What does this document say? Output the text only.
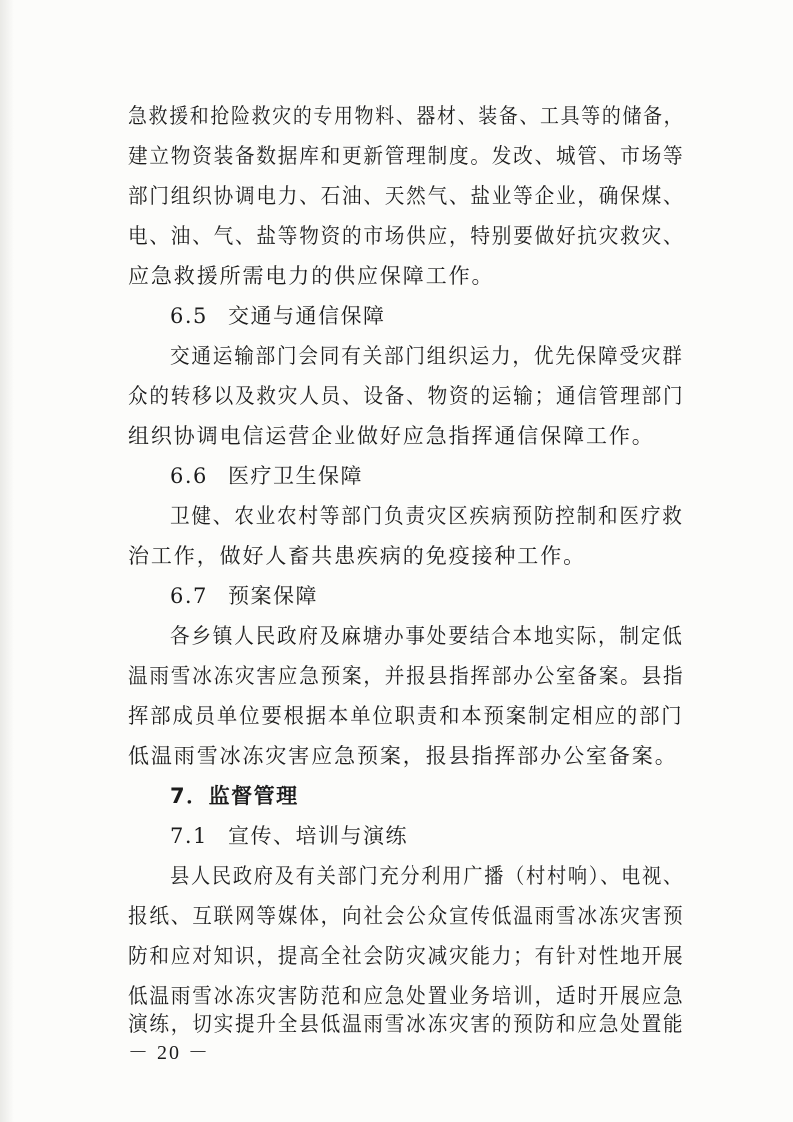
急救援和抢险救灾的专用物料、器材、装备、工具等的储备，
建立物资装备数据库和更新管理制度。发改、城管、市场等
部门组织协调电力、石油、天然气、盐业等企业，确保煤、
电、油、气、盐等物资的市场供应，特别要做好抗灾救灾、
应急救援所需电力的供应保障工作。
6.5 交通与通信保障
交通运输部门会同有关部门组织运力，优先保障受灾群
众的转移以及救灾人员、设备、物资的运输；通信管理部门
组织协调电信运营企业做好应急指挥通信保障工作。
6.6 医疗卫生保障
卫健、农业农村等部门负责灾区疾病预防控制和医疗救
治工作，做好人畜共患疾病的免疫接种工作。
6.7 预案保障
各乡镇人民政府及麻塘办事处要结合本地实际，制定低
温雨雪冰冻灾害应急预案，并报县指挥部办公室备案。县指
挥部成员单位要根据本单位职责和本预案制定相应的部门
低温雨雪冰冻灾害应急预案，报县指挥部办公室备案。
7．监督管理
7.1 宣传、培训与演练
县人民政府及有关部门充分利用广播（村村响）、电视、
报纸、互联网等媒体，向社会公众宣传低温雨雪冰冻灾害预
防和应对知识，提高全社会防灾减灾能力；有针对性地开展
低温雨雪冰冻灾害防范和应急处置业务培训，适时开展应急
演练，切实提升全县低温雨雪冰冻灾害的预防和应急处置能
－ 20 －
